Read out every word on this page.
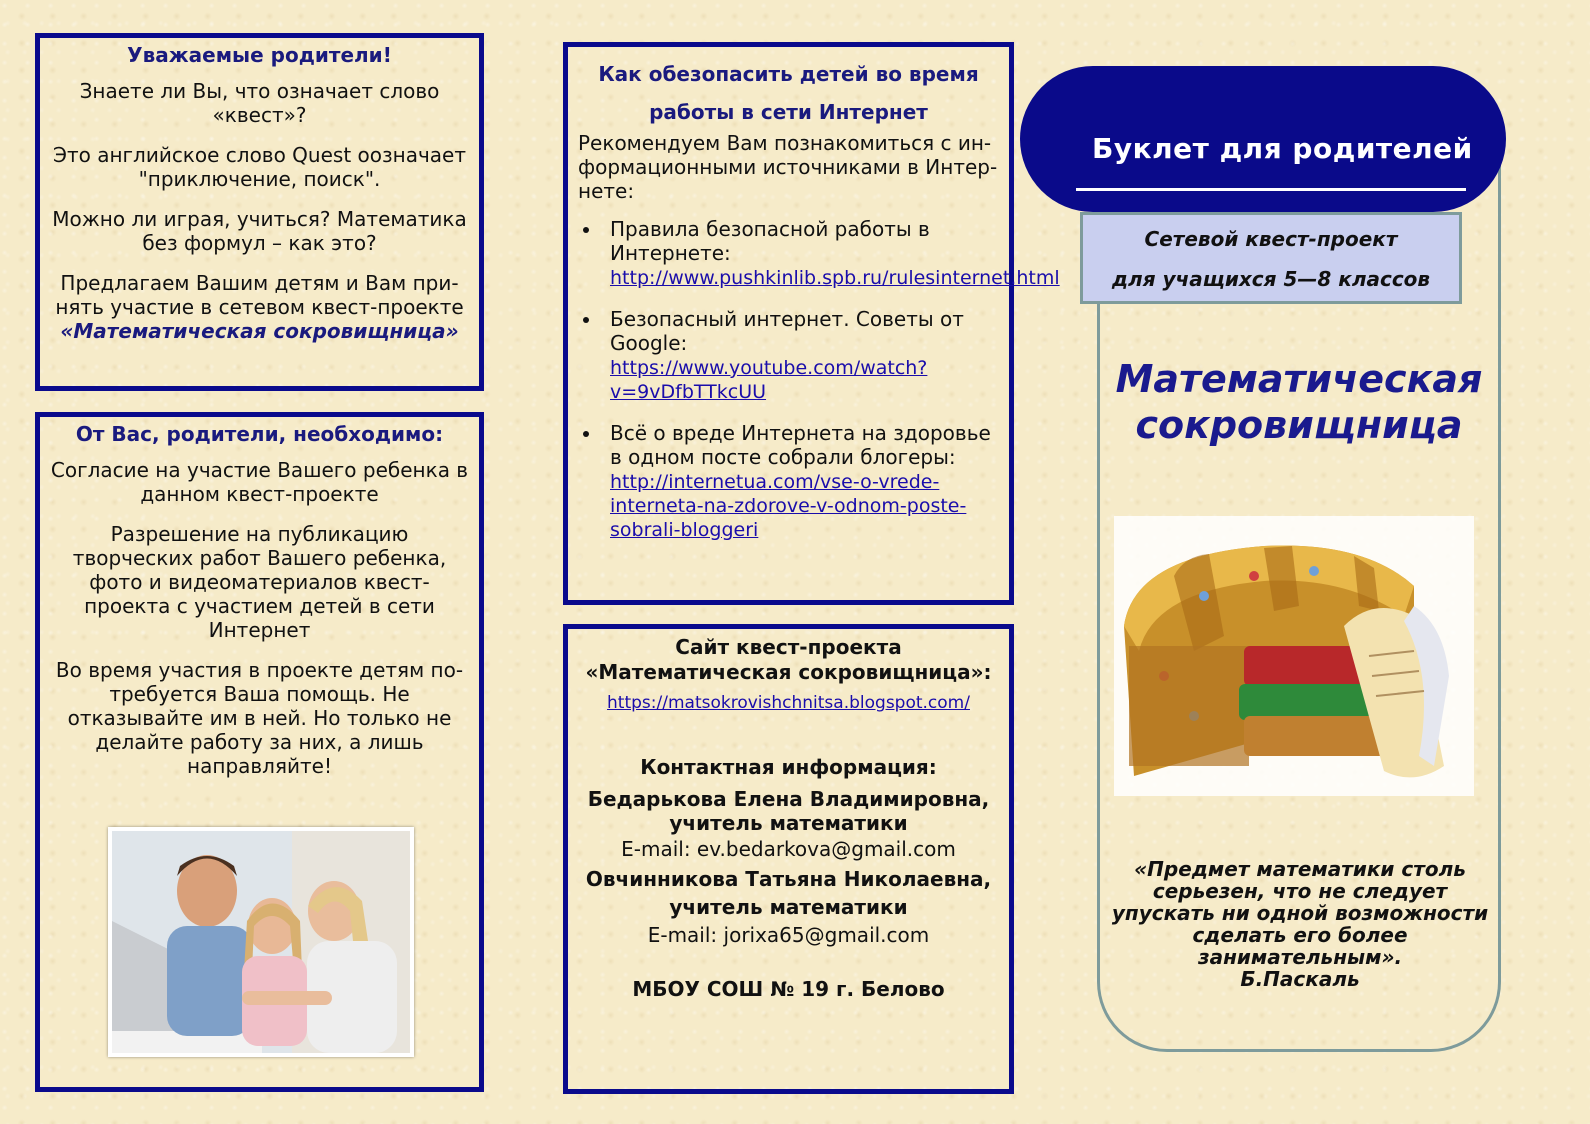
Уважаемые родители!

Знаете ли Вы, что означает слово «квест»?

Это английское слово Quest оозначает "приключение, поиск".

Можно ли играя, учиться? Математика без формул – как это?

Предлагаем Вашим детям и Вам принять участие в сетевом квест-проекте
«Математическая сокровищница»

От Вас, родители, необходимо:

Согласие на участие Вашего ребенка в данном квест-проекте

Разрешение на публикацию творческих работ Вашего ребенка, фото и видеоматериалов квест-проекта с участием детей в сети Интернет

Во время участия в проекте детям потребуется Ваша помощь. Не отказывайте им в ней. Но только не делайте работу за них, а лишь направляйте!

Как обезопасить детей во время
работы в сети Интернет
Рекомендуем Вам познакомиться с информационными источниками в Интернете:
• Правила безопасной работы в Интернете: http://www.pushkinlib.spb.ru/rulesinternet.html
• Безопасный интернет. Советы от Google: https://www.youtube.com/watch?v=9vDfbTTkcUU
• Всё о вреде Интернета на здоровье в одном посте собрали блогеры: http://internetua.com/vse-o-vrede-interneta-na-zdorove-v-odnom-poste-sobrali-bloggeri
Сайт квест-проекта «Математическая сокровищница»:
https://matsokrovishchnitsa.blogspot.com/
Контактная информация:
Бедарькова Елена Владимировна,
учитель математики
E-mail: ev.bedarkova@gmail.com
Овчинникова Татьяна Николаевна,
учитель математики
E-mail: jorixa65@gmail.com
МБОУ СОШ № 19 г. Белово
Буклет для родителей
Сетевой квест-проект
для учащихся 5—8 классов
Математическая
сокровищница
«Предмет математики столь серьезен, что не следует упускать ни одной возможности сделать его более занимательным».
Б.Паскаль
